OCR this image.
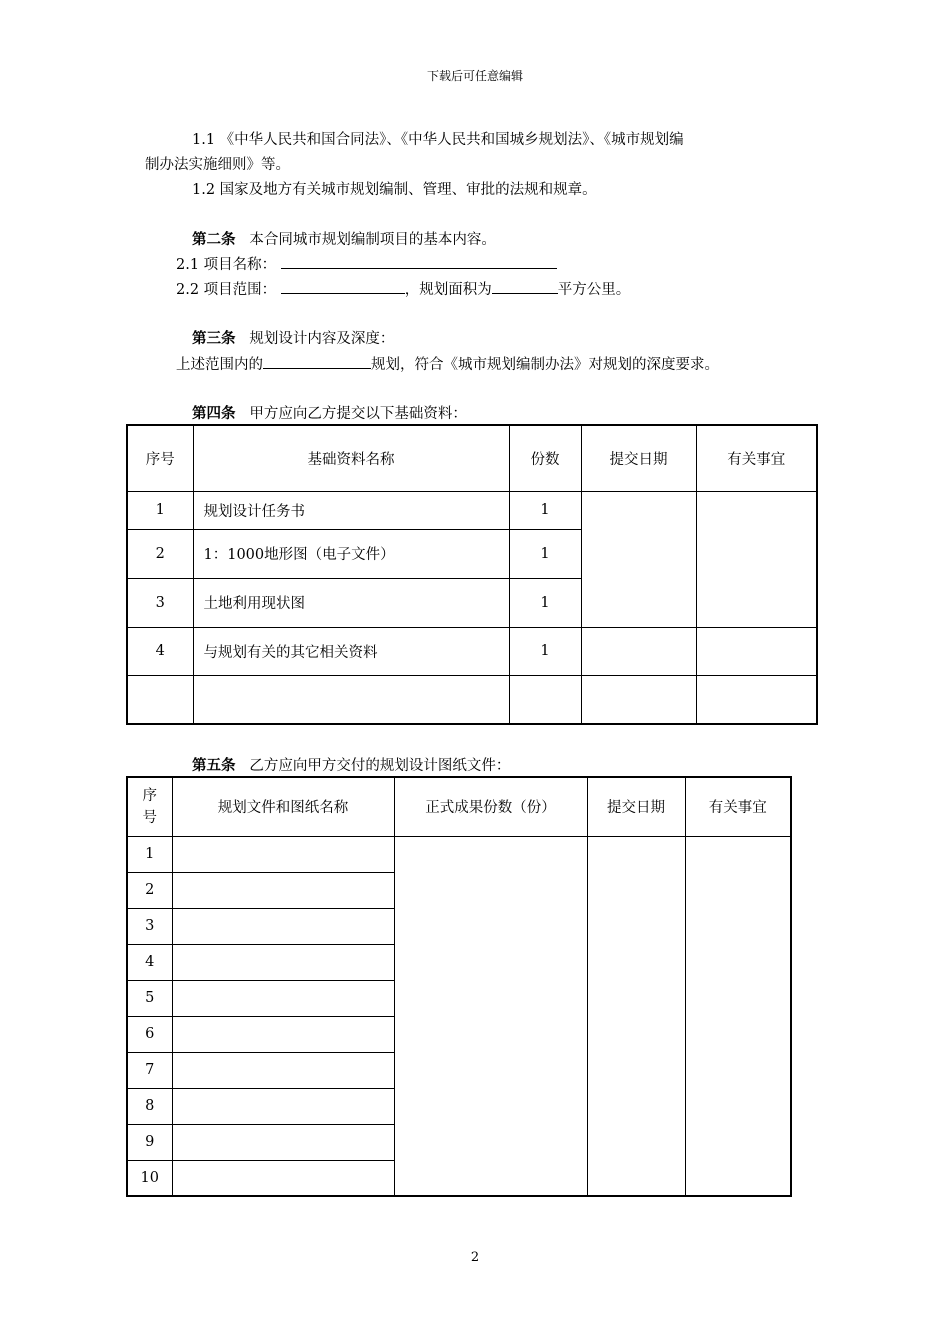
下载后可任意编辑
1.1 《中华人民共和国合同法》、《中华人民共和国城乡规划法》、《城市规划编
制办法实施细则》等。
1.2 国家及地方有关城市规划编制、管理、审批的法规和规章。
第二条 本合同城市规划编制项目的基本内容。
2.1 项目名称：
2.2 项目范围：	，规划面积为	平方公里。
第三条 规划设计内容及深度：
上述范围内的	规划，符合《城市规划编制办法》对规划的深度要求。
第四条 甲方应向乙方提交以下基础资料：
序号	基础资料名称	份数	提交日期	有关事宜
1	规划设计任务书	1		
2	1：1000地形图（电子文件）	1		
3	土地利用现状图	1		
4	与规划有关的其它相关资料	1		

第五条 乙方应向甲方交付的规划设计图纸文件：
序号	规划文件和图纸名称	正式成果份数（份）	提交日期	有关事宜
1				
2				
3				
4				
5				
6				
7				
8				
9				
10				
2
